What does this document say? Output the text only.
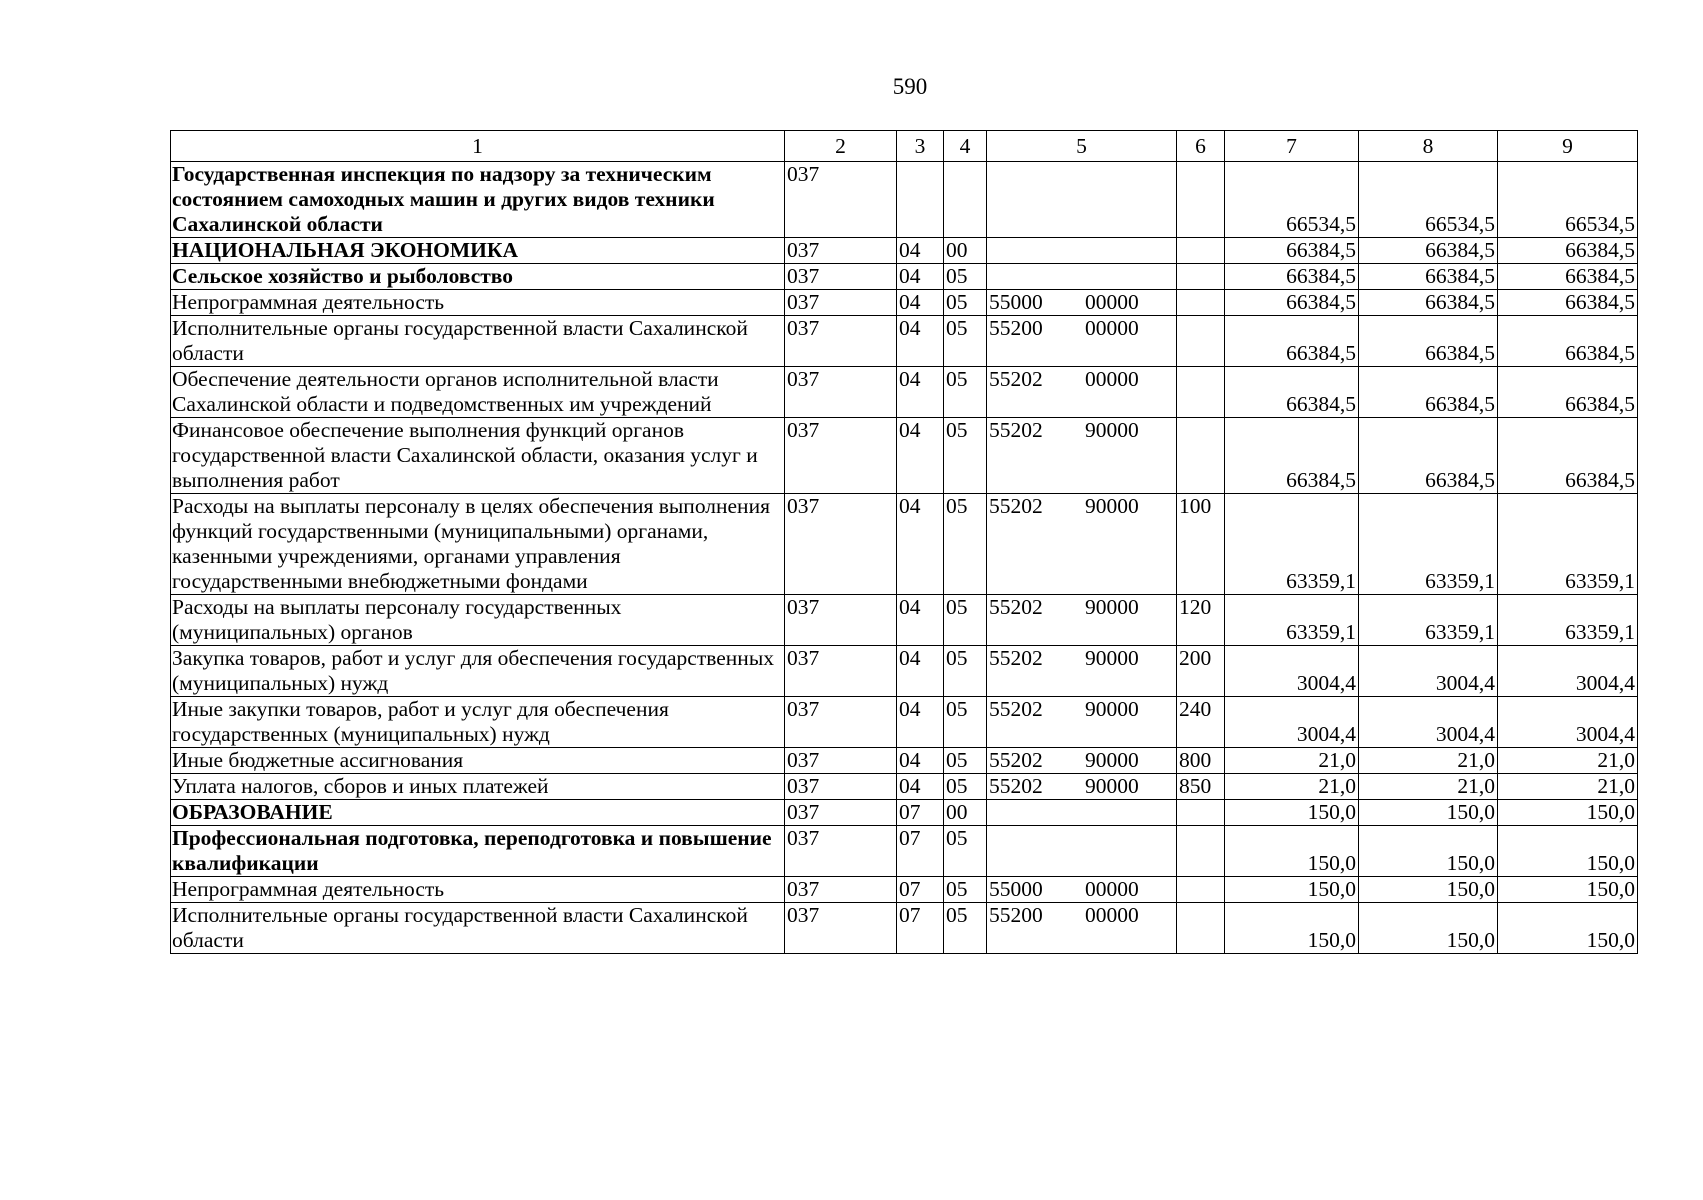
590
1	2	3	4	5	6	7	8	9
Государственная инспекция по надзору за техническим состоянием самоходных машин и других видов техники Сахалинской области	037					66534,5	66534,5	66534,5
НАЦИОНАЛЬНАЯ ЭКОНОМИКА	037	04	00			66384,5	66384,5	66384,5
Сельское хозяйство и рыболовство	037	04	05			66384,5	66384,5	66384,5
Непрограммная деятельность	037	04	05	55000 00000		66384,5	66384,5	66384,5
Исполнительные органы государственной власти Сахалинской области	037	04	05	55200 00000		66384,5	66384,5	66384,5
Обеспечение деятельности органов исполнительной власти Сахалинской области и подведомственных им учреждений	037	04	05	55202 00000		66384,5	66384,5	66384,5
Финансовое обеспечение выполнения функций органов государственной власти Сахалинской области, оказания услуг и выполнения работ	037	04	05	55202 90000		66384,5	66384,5	66384,5
Расходы на выплаты персоналу в целях обеспечения выполнения функций государственными (муниципальными) органами, казенными учреждениями, органами управления государственными внебюджетными фондами	037	04	05	55202 90000	100	63359,1	63359,1	63359,1
Расходы на выплаты персоналу государственных (муниципальных) органов	037	04	05	55202 90000	120	63359,1	63359,1	63359,1
Закупка товаров, работ и услуг для обеспечения государственных (муниципальных) нужд	037	04	05	55202 90000	200	3004,4	3004,4	3004,4
Иные закупки товаров, работ и услуг для обеспечения государственных (муниципальных) нужд	037	04	05	55202 90000	240	3004,4	3004,4	3004,4
Иные бюджетные ассигнования	037	04	05	55202 90000	800	21,0	21,0	21,0
Уплата налогов, сборов и иных платежей	037	04	05	55202 90000	850	21,0	21,0	21,0
ОБРАЗОВАНИЕ	037	07	00			150,0	150,0	150,0
Профессиональная подготовка, переподготовка и повышение квалификации	037	07	05			150,0	150,0	150,0
Непрограммная деятельность	037	07	05	55000 00000		150,0	150,0	150,0
Исполнительные органы государственной власти Сахалинской области	037	07	05	55200 00000		150,0	150,0	150,0
